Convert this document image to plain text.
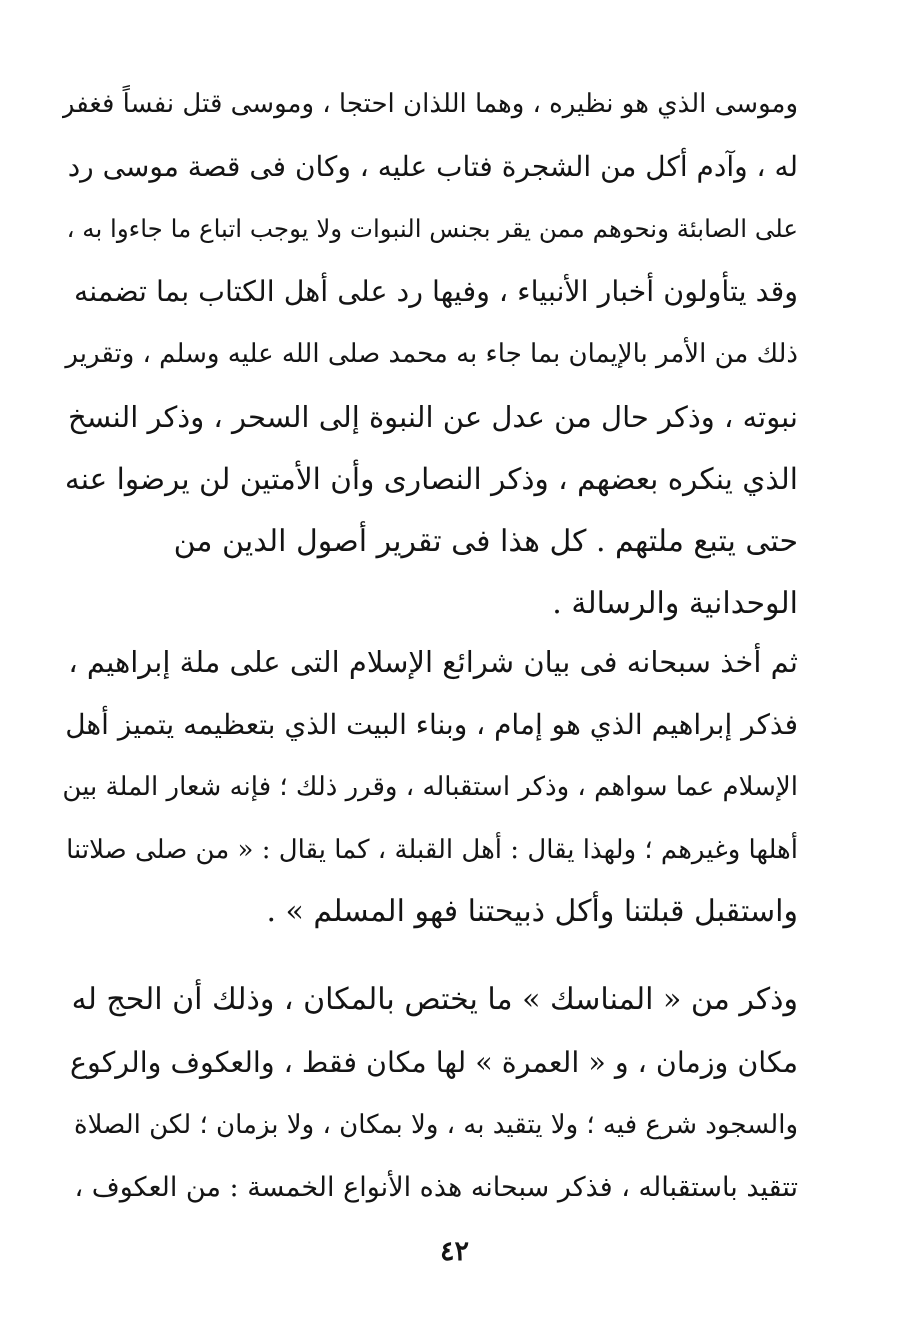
وموسى الذي هو نظيره ، وهما اللذان احتجا ، وموسى قتل نفساً فغفر
له ، وآدم أكل من الشجرة فتاب عليه ، وكان فى قصة موسى رد
على الصابئة ونحوهم ممن يقر بجنس النبوات ولا يوجب اتباع ما جاءوا به ،
وقد يتأولون أخبار الأنبياء ، وفيها رد على أهل الكتاب بما تضمنه
ذلك من الأمر بالإيمان بما جاء به محمد صلى الله عليه وسلم ، وتقرير
نبوته ، وذكر حال من عدل عن النبوة إلى السحر ، وذكر النسخ
الذي ينكره بعضهم ، وذكر النصارى وأن الأمتين لن يرضوا عنه
حتى يتبع ملتهم . كل هذا فى تقرير أصول الدين من
الوحدانية والرسالة .
ثم أخذ سبحانه فى بيان شرائع الإسلام التى على ملة إبراهيم ،
فذكر إبراهيم الذي هو إمام ، وبناء البيت الذي بتعظيمه يتميز أهل
الإسلام عما سواهم ، وذكر استقباله ، وقرر ذلك ؛ فإنه شعار الملة بين
أهلها وغيرهم ؛ ولهذا يقال : أهل القبلة ، كما يقال : « من صلى صلاتنا
واستقبل قبلتنا وأكل ذبيحتنا فهو المسلم » .
وذكر من « المناسك » ما يختص بالمكان ، وذلك أن الحج له
مكان وزمان ، و « العمرة » لها مكان فقط ، والعكوف والركوع
والسجود شرع فيه ؛ ولا يتقيد به ، ولا بمكان ، ولا بزمان ؛ لكن الصلاة
تتقيد باستقباله ، فذكر سبحانه هذه الأنواع الخمسة : من العكوف ،
٤٢
